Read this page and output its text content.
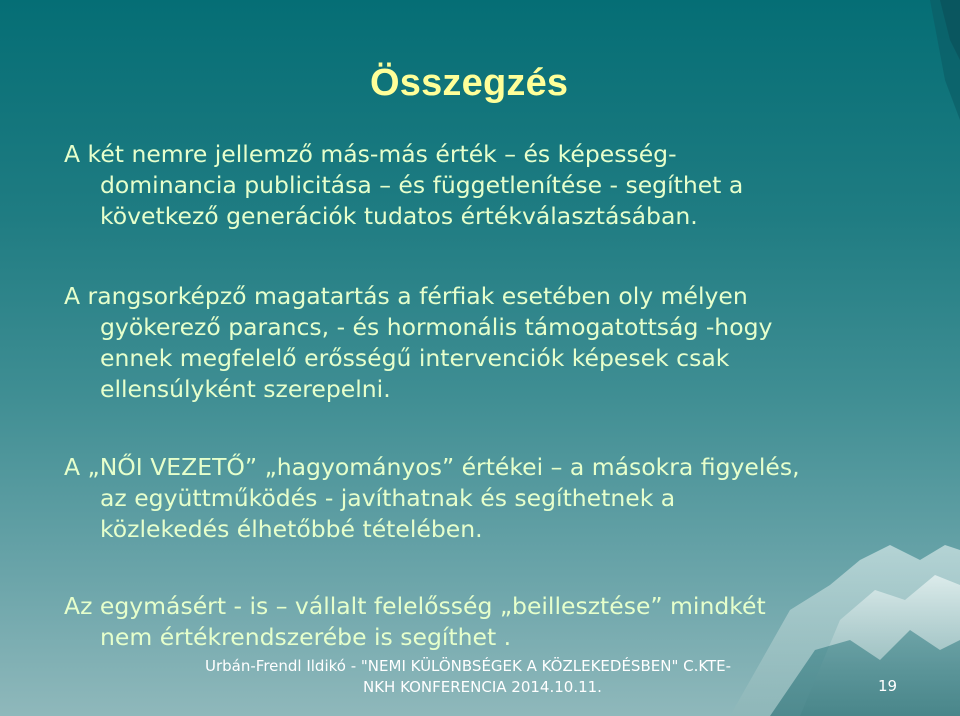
Összegzés
A két nemre jellemző más-más érték – és képesség-
dominancia publicitása – és függetlenítése - segíthet a
következő generációk tudatos értékválasztásában.
A rangsorképző magatartás a férfiak esetében oly mélyen
gyökerező parancs, - és hormonális támogatottság -hogy
ennek megfelelő erősségű intervenciók képesek csak
ellensúlyként szerepelni.
A „NŐI VEZETŐ” „hagyományos” értékei – a másokra figyelés,
az együttműködés - javíthatnak és segíthetnek a
közlekedés élhetőbbé tételében.
Az egymásért - is – vállalt felelősség „beillesztése” mindkét
nem értékrendszerébe is segíthet .
Urbán-Frendl Ildikó - "NEMI KÜLÖNBSÉGEK A KÖZLEKEDÉSBEN" C.KTE-
NKH KONFERENCIA 2014.10.11.	19
